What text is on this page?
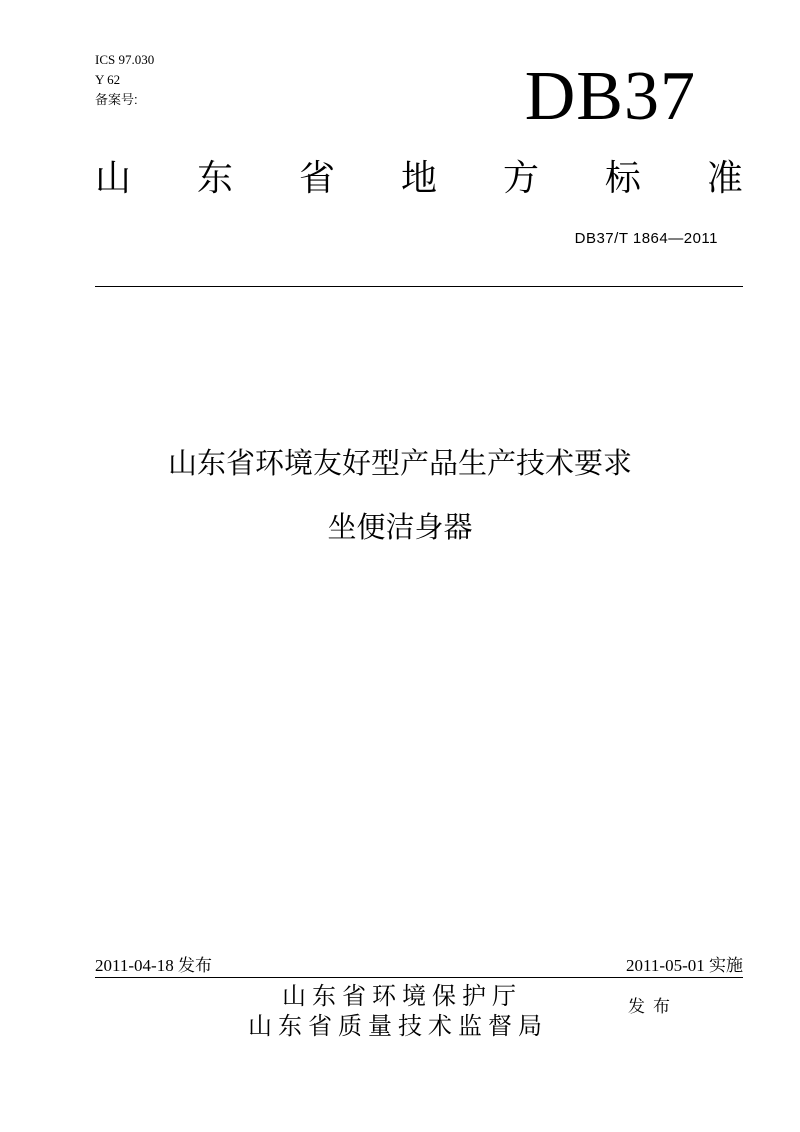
ICS 97.030
Y 62
备案号:	DB37
山 东 省 地 方 标 准
DB37/T 1864—2011
山东省环境友好型产品生产技术要求
坐便洁身器
2011-04-18 发布	2011-05-01 实施
山东省环境保护厅
山东省质量技术监督局
发布
